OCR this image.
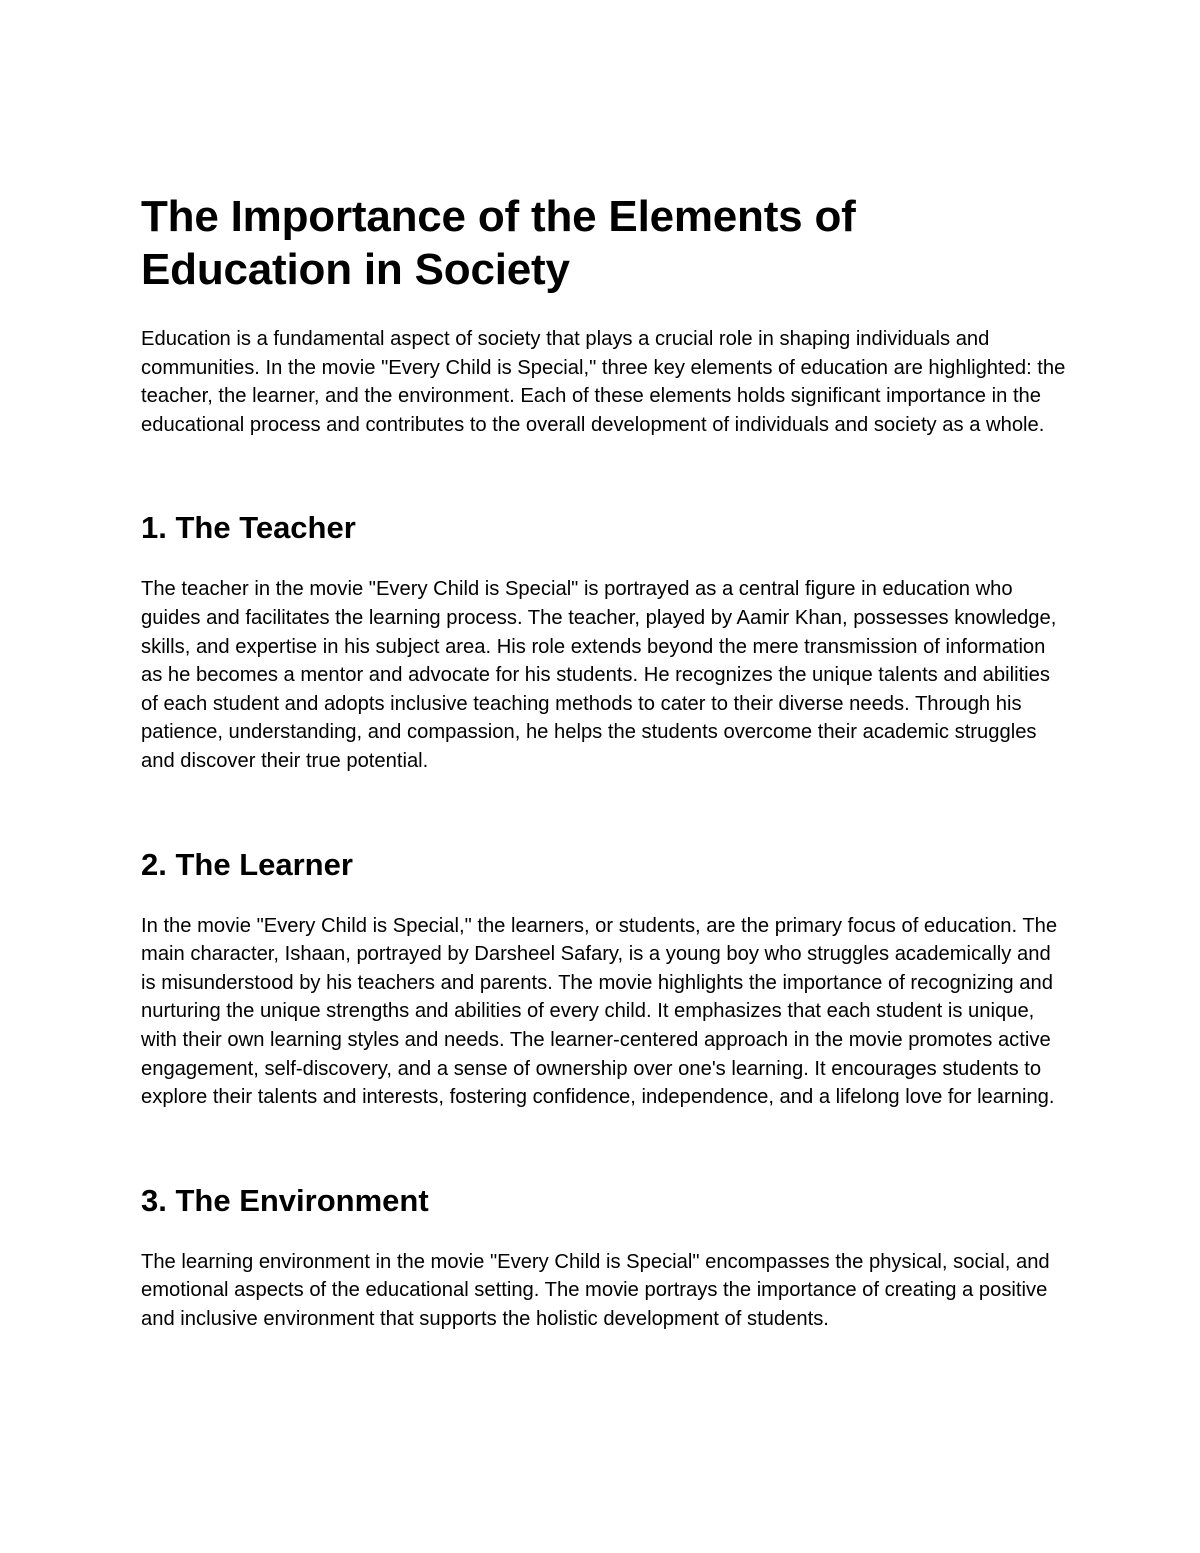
The Importance of the Elements of Education in Society

Education is a fundamental aspect of society that plays a crucial role in shaping individuals and communities. In the movie "Every Child is Special," three key elements of education are highlighted: the teacher, the learner, and the environment. Each of these elements holds significant importance in the educational process and contributes to the overall development of individuals and society as a whole.

1. The Teacher

The teacher in the movie "Every Child is Special" is portrayed as a central figure in education who guides and facilitates the learning process. The teacher, played by Aamir Khan, possesses knowledge, skills, and expertise in his subject area. His role extends beyond the mere transmission of information as he becomes a mentor and advocate for his students. He recognizes the unique talents and abilities of each student and adopts inclusive teaching methods to cater to their diverse needs. Through his patience, understanding, and compassion, he helps the students overcome their academic struggles and discover their true potential.

2. The Learner

In the movie "Every Child is Special," the learners, or students, are the primary focus of education. The main character, Ishaan, portrayed by Darsheel Safary, is a young boy who struggles academically and is misunderstood by his teachers and parents. The movie highlights the importance of recognizing and nurturing the unique strengths and abilities of every child. It emphasizes that each student is unique, with their own learning styles and needs. The learner-centered approach in the movie promotes active engagement, self-discovery, and a sense of ownership over one's learning. It encourages students to explore their talents and interests, fostering confidence, independence, and a lifelong love for learning.

3. The Environment

The learning environment in the movie "Every Child is Special" encompasses the physical, social, and emotional aspects of the educational setting. The movie portrays the importance of creating a positive and inclusive environment that supports the holistic development of students.
